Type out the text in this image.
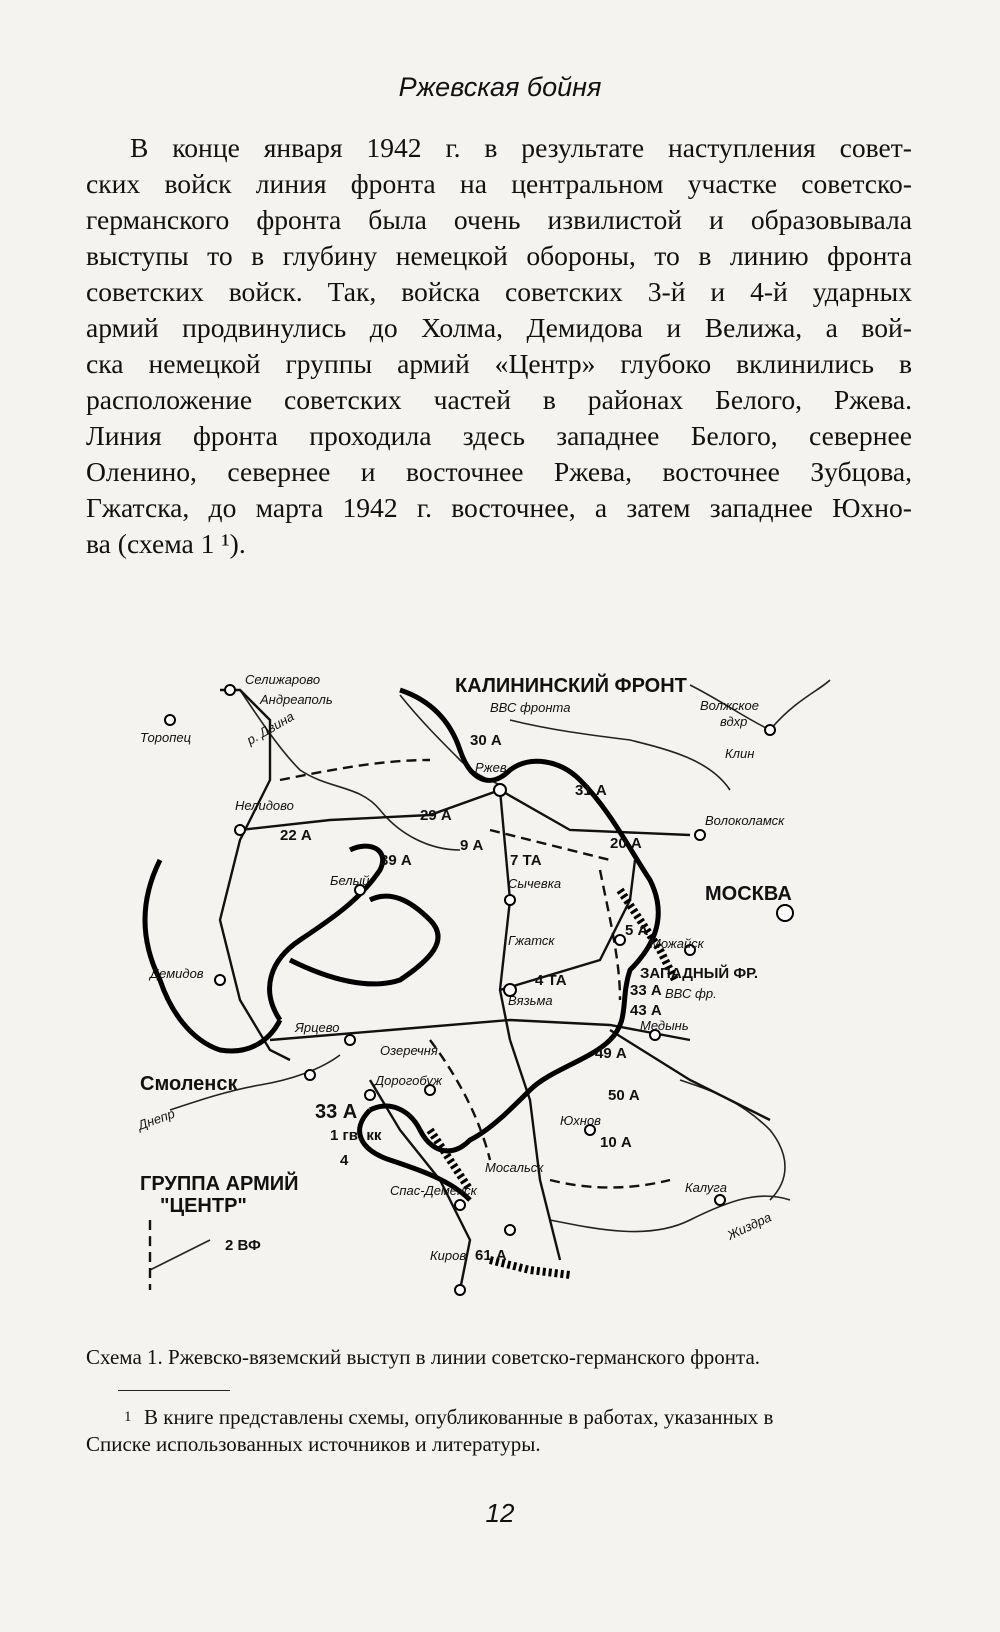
Ржевская бойня
В конце января 1942 г. в результате наступления совет-
ских войск линия фронта на центральном участке советско-
германского фронта была очень извилистой и образовывала
выступы то в глубину немецкой обороны, то в линию фронта
советских войск. Так, войска советских 3-й и 4-й ударных
армий продвинулись до Холма, Демидова и Велижа, а вой-
ска немецкой группы армий «Центр» глубоко вклинились в
расположение советских частей в районах Белого, Ржева.
Линия фронта проходила здесь западнее Белого, севернее
Оленино, севернее и восточнее Ржева, восточнее Зубцова,
Гжатска, до марта 1942 г. восточнее, а затем западнее Юхно-
ва (схема 1 ¹).
Селижарово
Андреаполь
Торопец	р. Двина
Нелидово
КАЛИНИНСКИЙ ФРОНТ
ВВС фронта	Волжское
вдхр
Клин
Ржев
Волоколамск
Белый	Сычевка
Гжатск
Вязьма
МОСКВА
Можайск
ЗАПАДНЫЙ ФР.
ВВС фр.
Медынь
Демидов
Ярцево
Смоленск
Днепр
Озеречня
Дорогобуж
Юхнов
Калуга
Мосальск
Спас-Деменск
Киров
ГРУППА АРМИЙ
"ЦЕНТР"
2 ВФ
Жиздра
30 А
31 А
29 А
22 А
39 А
9 А	20 А
7 ТА
5 А
33 А
4 ТА
43 А
49 А
50 А
10 А
61 А
33 А
1 гв. кк
4
Схема 1. Ржевско-вяземский выступ в линии советско-германского фронта.
1 В книге представлены схемы, опубликованные в работах, указанных в
Списке использованных источников и литературы.
12
